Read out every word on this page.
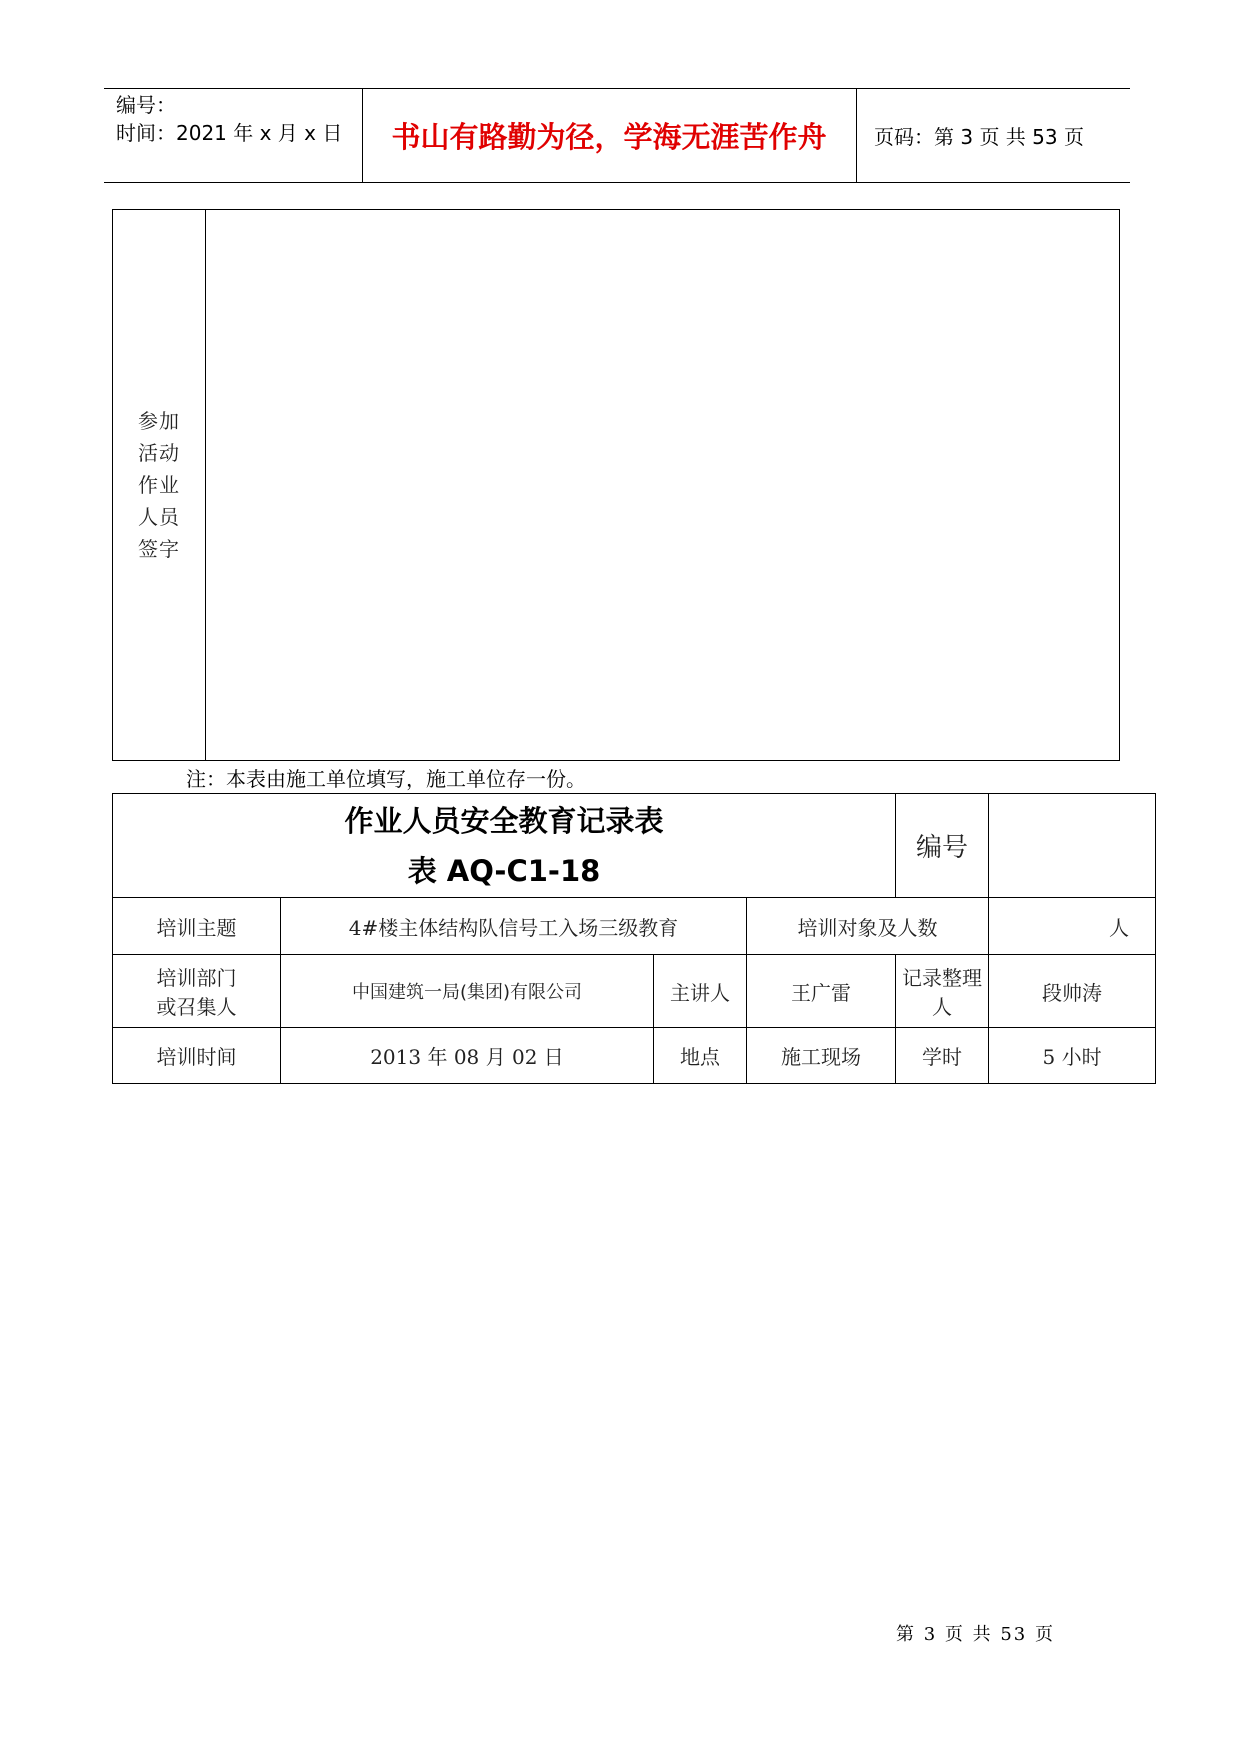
编号：
时间：2021 年 x 月 x 日	书山有路勤为径，学海无涯苦作舟	页码：第 3 页 共 53 页
参加
活动
作业
人员
签字
注：本表由施工单位填写，施工单位存一份。
作业人员安全教育记录表
表 AQ-C1-18				编号	
培训主题	4#楼主体结构队信号工入场三级教育		培训对象及人数		人

培训部门
或召集人	中国建筑一局(集团)有限公司	主讲人	王广雷	记录整理人	段帅涛
培训时间	2013 年 08 月 02 日	地点	施工现场	学时	5 小时
第 3 页 共 53 页
